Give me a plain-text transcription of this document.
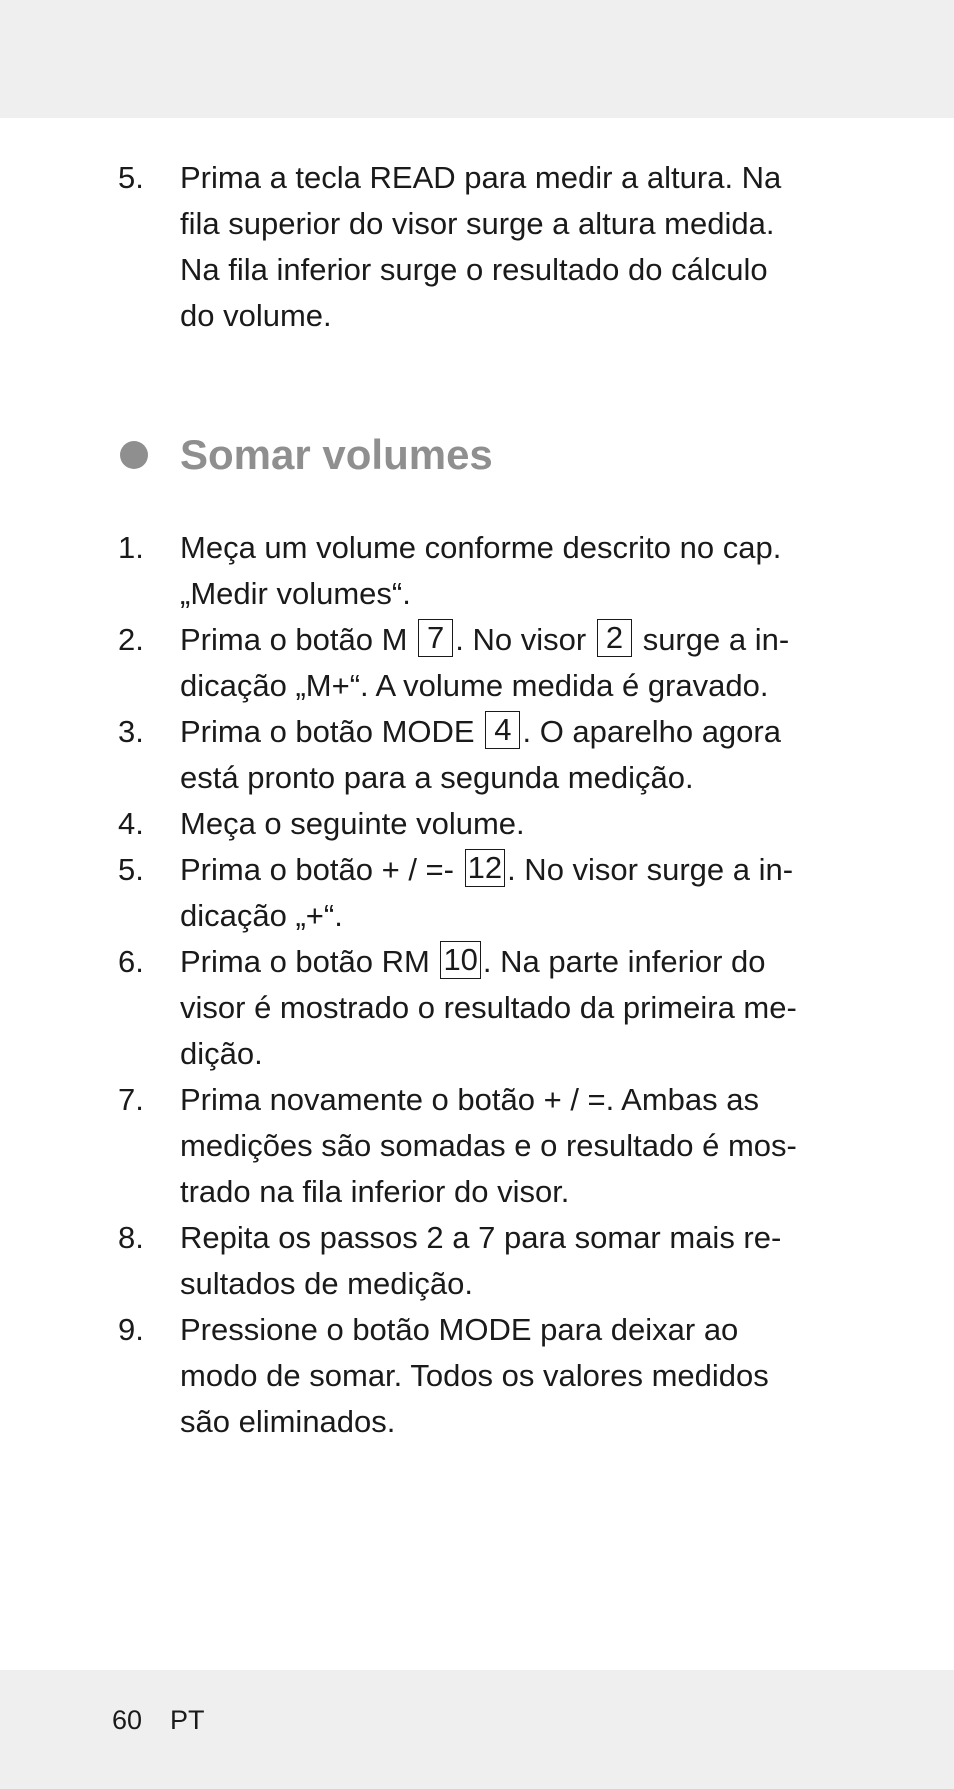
5.	Prima a tecla READ para medir a altura. Na
fila superior do visor surge a altura medida.
Na fila inferior surge o resultado do cálculo
do volume.
Somar volumes
1.	Meça um volume conforme descrito no cap.
„Medir volumes“.
2.	Prima o botão M 7 . No visor 2 surge a in-
dicação „M+“. A volume medida é gravado.
3.	Prima o botão MODE 4 . O aparelho agora
está pronto para a segunda medição.
4.	Meça o seguinte volume.
5.	Prima o botão + / =- 12 . No visor surge a in-
dicação „+“.
6.	Prima o botão RM 10 . Na parte inferior do
visor é mostrado o resultado da primeira me-
dição.
7.	Prima novamente o botão + / =. Ambas as
medições são somadas e o resultado é mos-
trado na fila inferior do visor.
8.	Repita os passos 2 a 7 para somar mais re-
sultados de medição.
9.	Pressione o botão MODE para deixar ao
modo de somar. Todos os valores medidos
são eliminados.
60 PT
